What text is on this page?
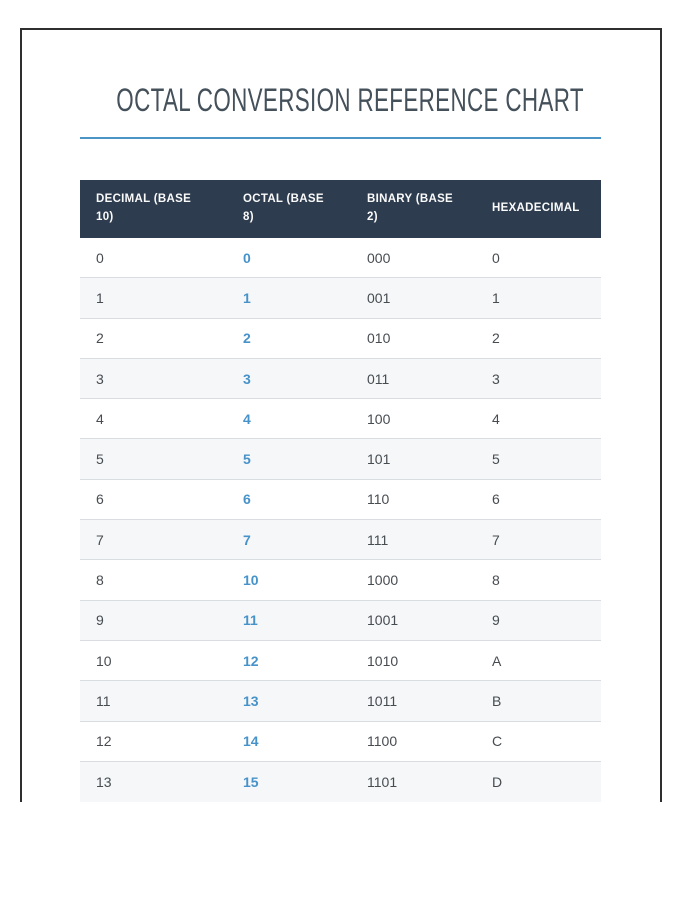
OCTAL CONVERSION REFERENCE CHART
DECIMAL (BASE 10)	OCTAL (BASE 8)	BINARY (BASE 2)	HEXADECIMAL
0	0	000	0
1	1	001	1
2	2	010	2
3	3	011	3
4	4	100	4
5	5	101	5
6	6	110	6
7	7	111	7
8	10	1000	8
9	11	1001	9
10	12	1010	A
11	13	1011	B
12	14	1100	C
13	15	1101	D
